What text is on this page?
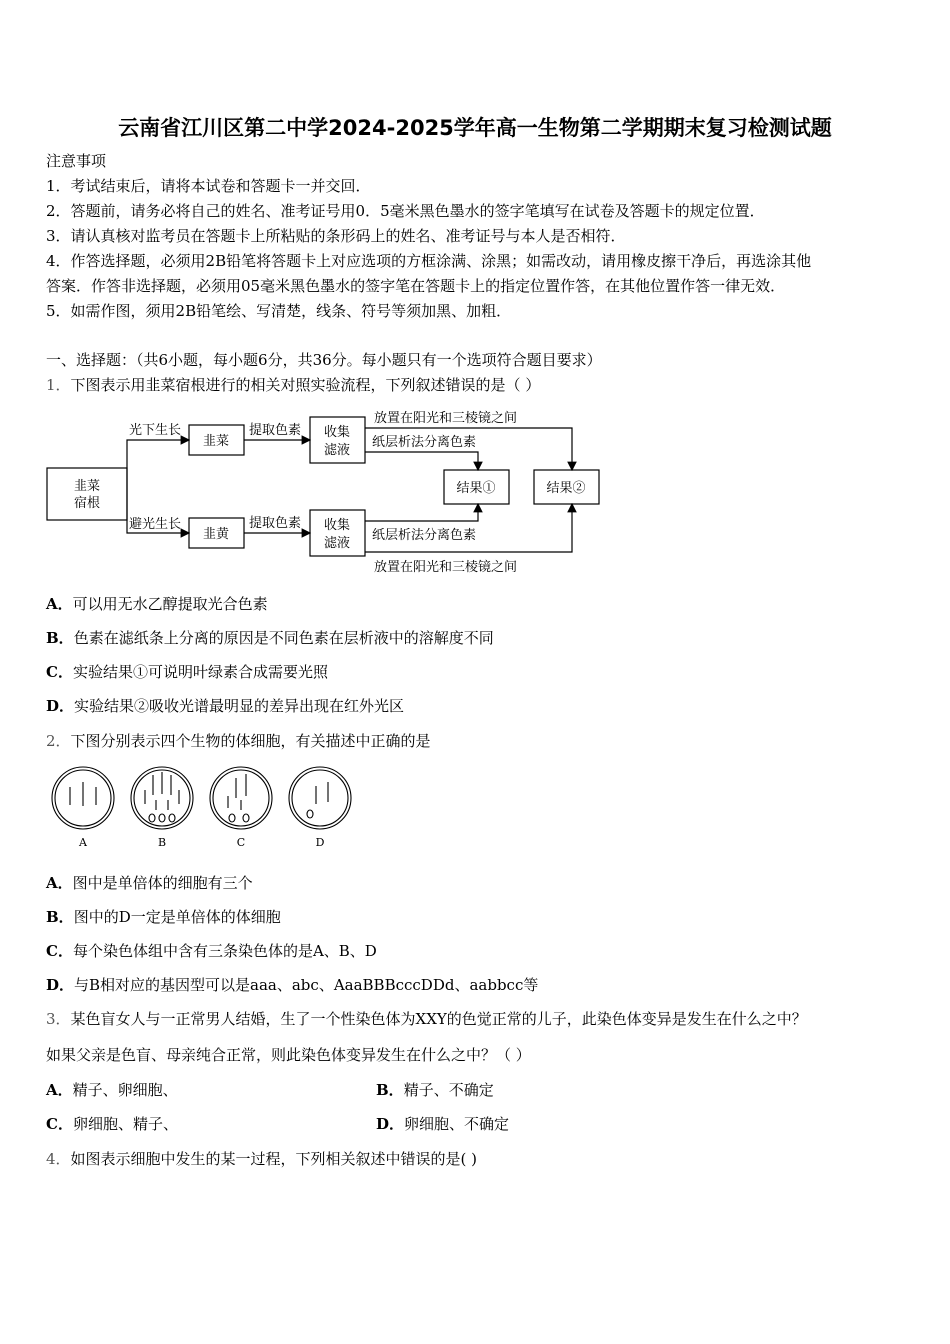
云南省江川区第二中学2024-2025学年高一生物第二学期期末复习检测试题
注意事项
1．考试结束后，请将本试卷和答题卡一并交回．
2．答题前，请务必将自己的姓名、准考证号用0．5毫米黑色墨水的签字笔填写在试卷及答题卡的规定位置．
3．请认真核对监考员在答题卡上所粘贴的条形码上的姓名、准考证号与本人是否相符．
4．作答选择题，必须用2B铅笔将答题卡上对应选项的方框涂满、涂黑；如需改动，请用橡皮擦干净后，再选涂其他
答案．作答非选择题，必须用05毫米黑色墨水的签字笔在答题卡上的指定位置作答，在其他位置作答一律无效．
5．如需作图，须用2B铅笔绘、写清楚，线条、符号等须加黑、加粗．
一、选择题：（共6小题，每小题6分，共36分。每小题只有一个选项符合题目要求）
1．下图表示用韭菜宿根进行的相关对照实验流程，下列叙述错误的是（ ）
韭菜
宿根
光下生长
避光生长
韭菜
韭黄
提取色素
提取色素
收集
滤液
收集
滤液
放置在阳光和三棱镜之间
纸层析法分离色素
纸层析法分离色素
放置在阳光和三棱镜之间
结果①	结果②
A．可以用无水乙醇提取光合色素
B．色素在滤纸条上分离的原因是不同色素在层析液中的溶解度不同
C．实验结果①可说明叶绿素合成需要光照
D．实验结果②吸收光谱最明显的差异出现在红外光区
2．下图分别表示四个生物的体细胞，有关描述中正确的是
A	B	C	D
A．图中是单倍体的细胞有三个
B．图中的D一定是单倍体的体细胞
C．每个染色体组中含有三条染色体的是A、B、D
D．与B相对应的基因型可以是aaa、abc、AaaBBBcccDDd、aabbcc等
3．某色盲女人与一正常男人结婚，生了一个性染色体为XXY的色觉正常的儿子，此染色体变异是发生在什么之中？
如果父亲是色盲、母亲纯合正常，则此染色体变异发生在什么之中？（ ）
A．精子、卵细胞、	B．精子、不确定
C．卵细胞、精子、	D．卵细胞、不确定
4．如图表示细胞中发生的某一过程，下列相关叙述中错误的是( )
